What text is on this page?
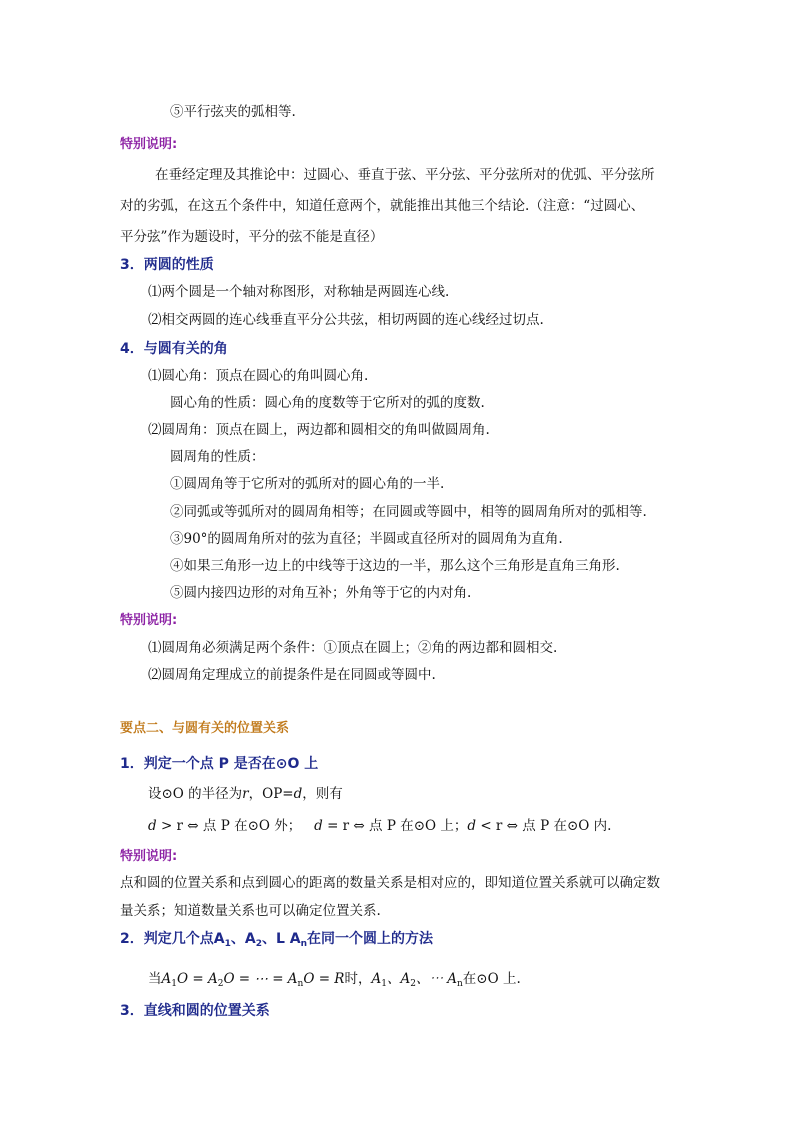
⑤平行弦夹的弧相等.
特别说明:
在垂经定理及其推论中：过圆心、垂直于弦、平分弦、平分弦所对的优弧、平分弦所
对的劣弧，在这五个条件中，知道任意两个，就能推出其他三个结论.（注意：“过圆心、
平分弦”作为题设时，平分的弦不能是直径）
3．两圆的性质
⑴两个圆是一个轴对称图形，对称轴是两圆连心线.
⑵相交两圆的连心线垂直平分公共弦，相切两圆的连心线经过切点.
4．与圆有关的角
⑴圆心角：顶点在圆心的角叫圆心角.
圆心角的性质：圆心角的度数等于它所对的弧的度数.
⑵圆周角：顶点在圆上，两边都和圆相交的角叫做圆周角.
圆周角的性质：
①圆周角等于它所对的弧所对的圆心角的一半.
②同弧或等弧所对的圆周角相等；在同圆或等圆中，相等的圆周角所对的弧相等.
③90°的圆周角所对的弦为直径；半圆或直径所对的圆周角为直角.
④如果三角形一边上的中线等于这边的一半，那么这个三角形是直角三角形.
⑤圆内接四边形的对角互补；外角等于它的内对角.
特别说明:
⑴圆周角必须满足两个条件：①顶点在圆上；②角的两边都和圆相交.
⑵圆周角定理成立的前提条件是在同圆或等圆中.
要点二、与圆有关的位置关系
1．判定一个点 P 是否在⊙O 上
设⊙O 的半径为r，OP=d，则有
d > r ⇔ 点 P 在⊙O 外； d = r ⇔ 点 P 在⊙O 上；d < r ⇔ 点 P 在⊙O 内.
特别说明:
点和圆的位置关系和点到圆心的距离的数量关系是相对应的，即知道位置关系就可以确定数
量关系；知道数量关系也可以确定位置关系.
2．判定几个点$A_1$、$A_2$、L $A_n$在同一个圆上的方法
当$A_1O = A_2O$ = ⋯ = $A_nO = R$时，$A_1$、$A_2$、⋯ $A_n$在⊙O 上.
3．直线和圆的位置关系
